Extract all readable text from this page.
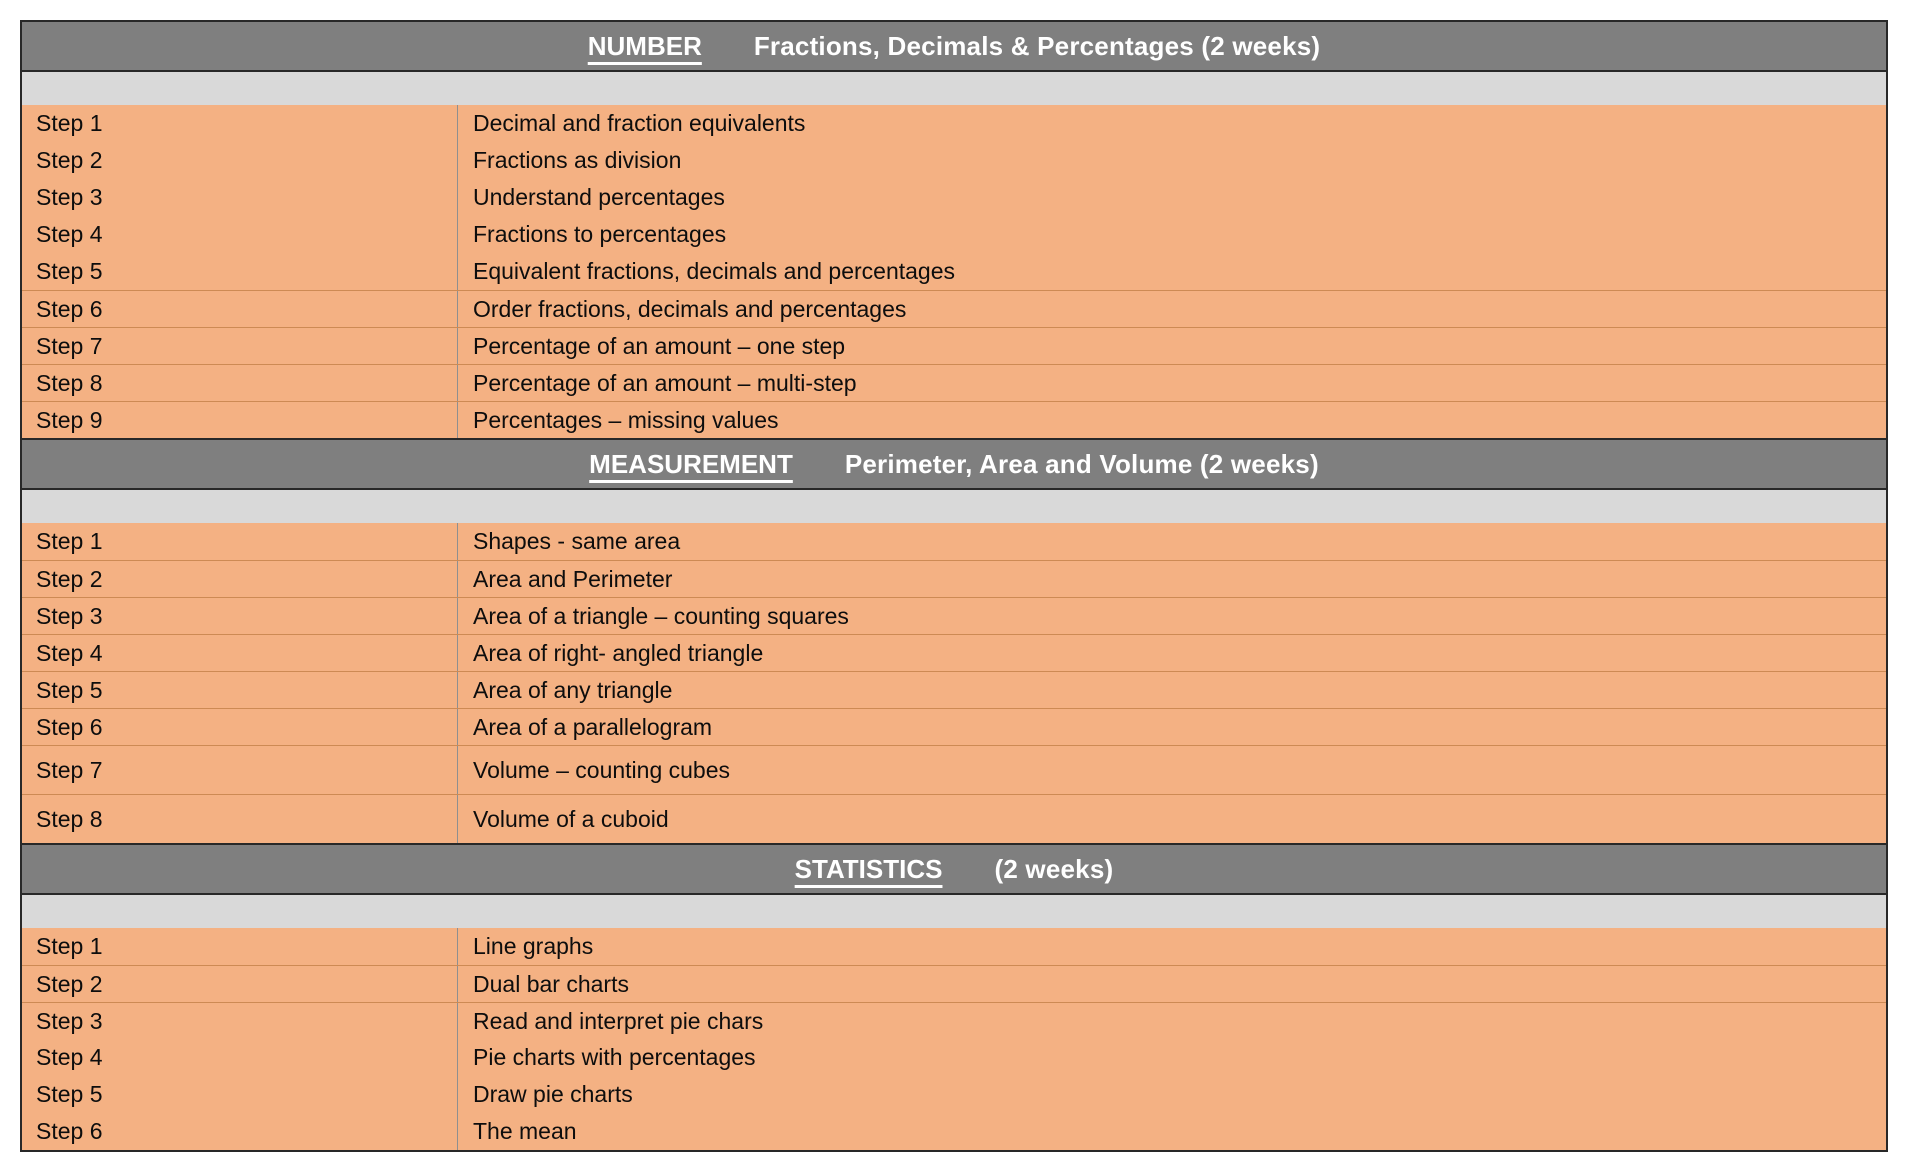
NUMBER Fractions, Decimals & Percentages (2 weeks)
Step 1	Decimal and fraction equivalents
Step 2	Fractions as division
Step 3	Understand percentages
Step 4	Fractions to percentages
Step 5	Equivalent fractions, decimals and percentages
Step 6	Order fractions, decimals and percentages
Step 7	Percentage of an amount – one step
Step 8	Percentage of an amount – multi-step
Step 9	Percentages – missing values
MEASUREMENT Perimeter, Area and Volume (2 weeks)
Step 1	Shapes - same area
Step 2	Area and Perimeter
Step 3	Area of a triangle – counting squares
Step 4	Area of right- angled triangle
Step 5	Area of any triangle
Step 6	Area of a parallelogram
Step 7	Volume – counting cubes
Step 8	Volume of a cuboid
STATISTICS (2 weeks)
Step 1	Line graphs
Step 2	Dual bar charts
Step 3	Read and interpret pie chars
Step 4	Pie charts with percentages
Step 5	Draw pie charts
Step 6	The mean
